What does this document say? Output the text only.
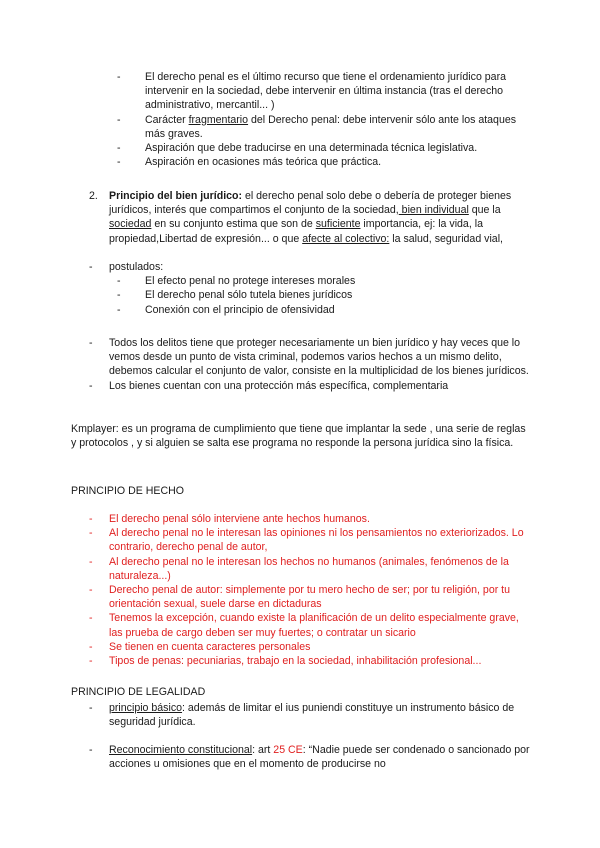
- El derecho penal es el último recurso que tiene el ordenamiento jurídico para intervenir en la sociedad, debe intervenir en última instancia (tras el derecho administrativo, mercantil... )

- Carácter fragmentario del Derecho penal: debe intervenir sólo ante los ataques más graves.

- Aspiración que debe traducirse en una determinada técnica legislativa.

- Aspiración en ocasiones más teórica que práctica.

2. Principio del bien jurídico: el derecho penal solo debe o debería de proteger bienes jurídicos, interés que compartimos el conjunto de la sociedad, bien individual que la sociedad en su conjunto estima que son de suficiente importancia, ej: la vida, la propiedad,Libertad de expresión... o que afecte al colectivo: la salud, seguridad vial,

- postulados:

- El efecto penal no protege intereses morales

- El derecho penal sólo tutela bienes jurídicos

- Conexión con el principio de ofensividad

- Todos los delitos tiene que proteger necesariamente un bien jurídico y hay veces que lo vemos desde un punto de vista criminal, podemos varios hechos a un mismo delito, debemos calcular el conjunto de valor, consiste en la multiplicidad de los bienes jurídicos.

- Los bienes cuentan con una protección más específica, complementaria

Kmplayer: es un programa de cumplimiento que tiene que implantar la sede , una serie de reglas y protocolos , y si alguien se salta ese programa no responde la persona jurídica sino la física.

PRINCIPIO DE HECHO
- El derecho penal sólo interviene ante hechos humanos.

- Al derecho penal no le interesan las opiniones ni los pensamientos no exteriorizados. Lo contrario, derecho penal de autor,

- Al derecho penal no le interesan los hechos no humanos (animales, fenómenos de la naturaleza...)

- Derecho penal de autor: simplemente por tu mero hecho de ser; por tu religión, por tu orientación sexual, suele darse en dictaduras

- Tenemos la excepción, cuando existe la planificación de un delito especialmente grave, las prueba de cargo deben ser muy fuertes; o contratar un sicario

- Se tienen en cuenta caracteres personales

- Tipos de penas: pecuniarias, trabajo en la sociedad, inhabilitación profesional...

PRINCIPIO DE LEGALIDAD
- principio básico: además de limitar el ius puniendi constituye un instrumento básico de seguridad jurídica.

- Reconocimiento constitucional: art 25 CE: “Nadie puede ser condenado o sancionado por acciones u omisiones que en el momento de producirse no
